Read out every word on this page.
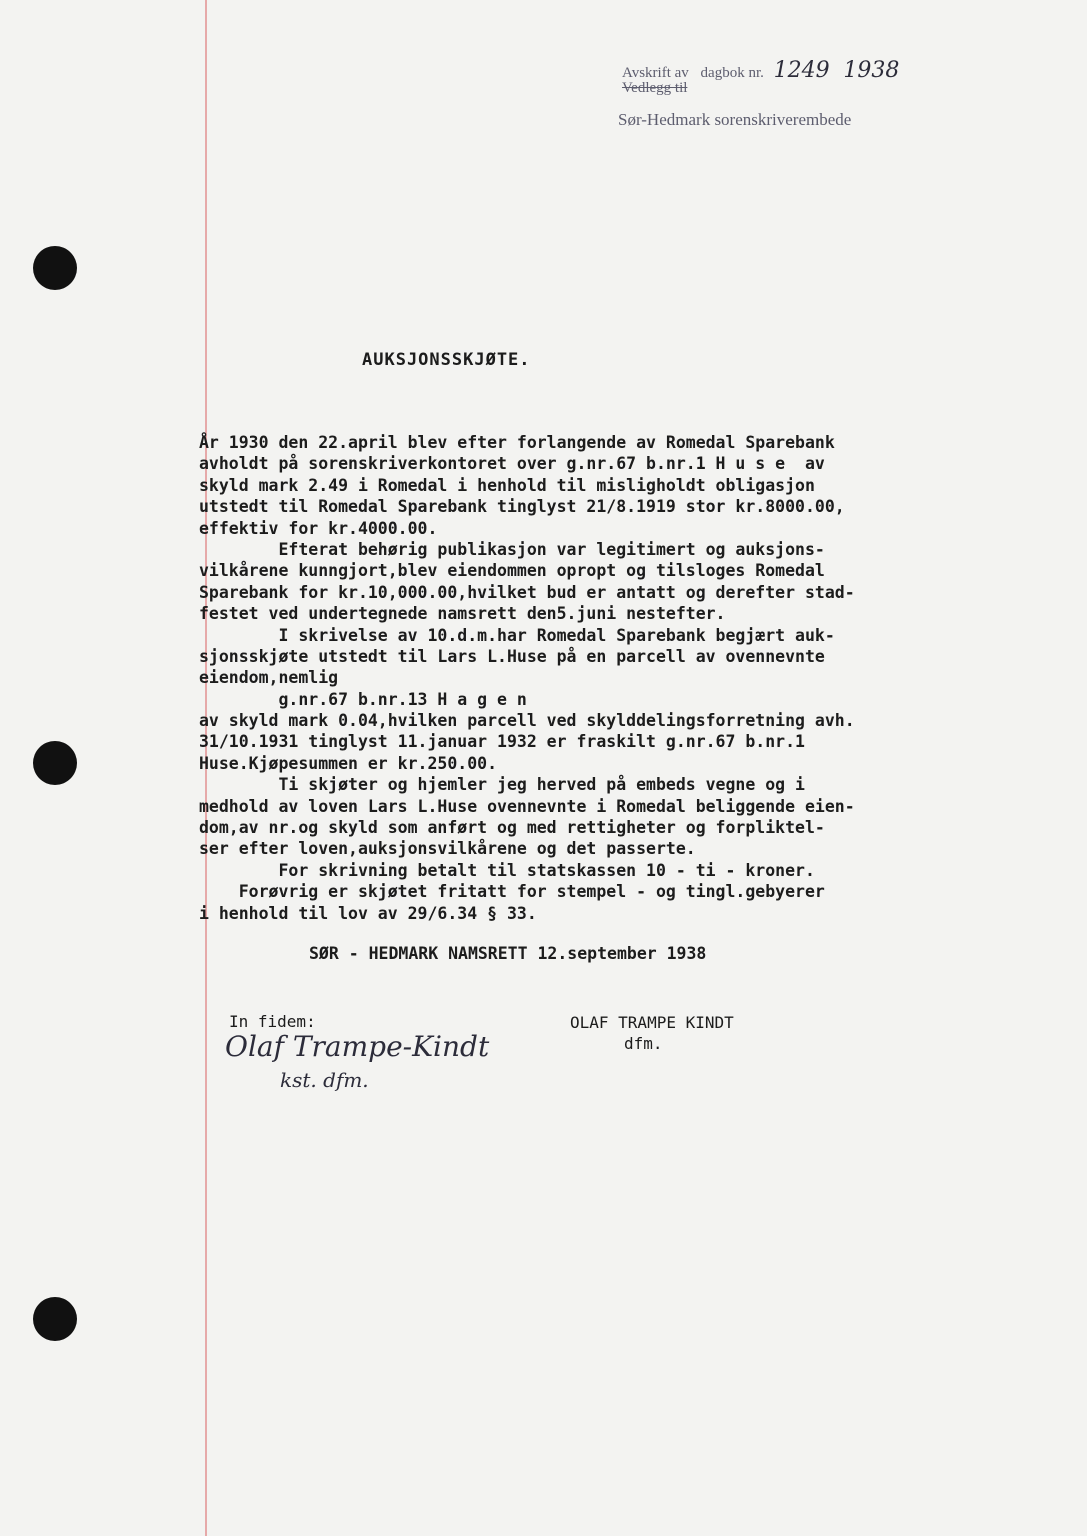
Avskrift av dagbok nr. 1249 1938
Vedlegg til
Sør-Hedmark sorenskriverembede
AUKSJONSSKJØTE.
År 1930 den 22.april blev efter forlangende av Romedal Sparebank
avholdt på sorenskriverkontoret over g.nr.67 b.nr.1 H u s e  av
skyld mark 2.49 i Romedal i henhold til misligholdt obligasjon
utstedt til Romedal Sparebank tinglyst 21/8.1919 stor kr.8000.00,
effektiv for kr.4000.00.
Efterat behørig publikasjon var legitimert og auksjons-
vilkårene kunngjort,blev eiendommen opropt og tilsloges Romedal
Sparebank for kr.10,000.00,hvilket bud er antatt og derefter stad-
festet ved undertegnede namsrett den5.juni nestefter.
I skrivelse av 10.d.m.har Romedal Sparebank begjært auk-
sjonsskjøte utstedt til Lars L.Huse på en parcell av ovennevnte
eiendom,nemlig
g.nr.67 b.nr.13 H a g e n
av skyld mark 0.04,hvilken parcell ved skylddelingsforretning avh.
31/10.1931 tinglyst 11.januar 1932 er fraskilt g.nr.67 b.nr.1
Huse.Kjøpesummen er kr.250.00.
Ti skjøter og hjemler jeg herved på embeds vegne og i
medhold av loven Lars L.Huse ovennevnte i Romedal beliggende eien-
dom,av nr.og skyld som anført og med rettigheter og forpliktel-
ser efter loven,auksjonsvilkårene og det passerte.
For skrivning betalt til statskassen 10 - ti - kroner.
Forøvrig er skjøtet fritatt for stempel - og tingl.gebyerer
i henhold til lov av 29/6.34 § 33.
SØR - HEDMARK NAMSRETT 12.september 1938
In fidem:	OLAF TRAMPE KINDT
dfm.
Olaf Trampe-Kindt
kst. dfm.
